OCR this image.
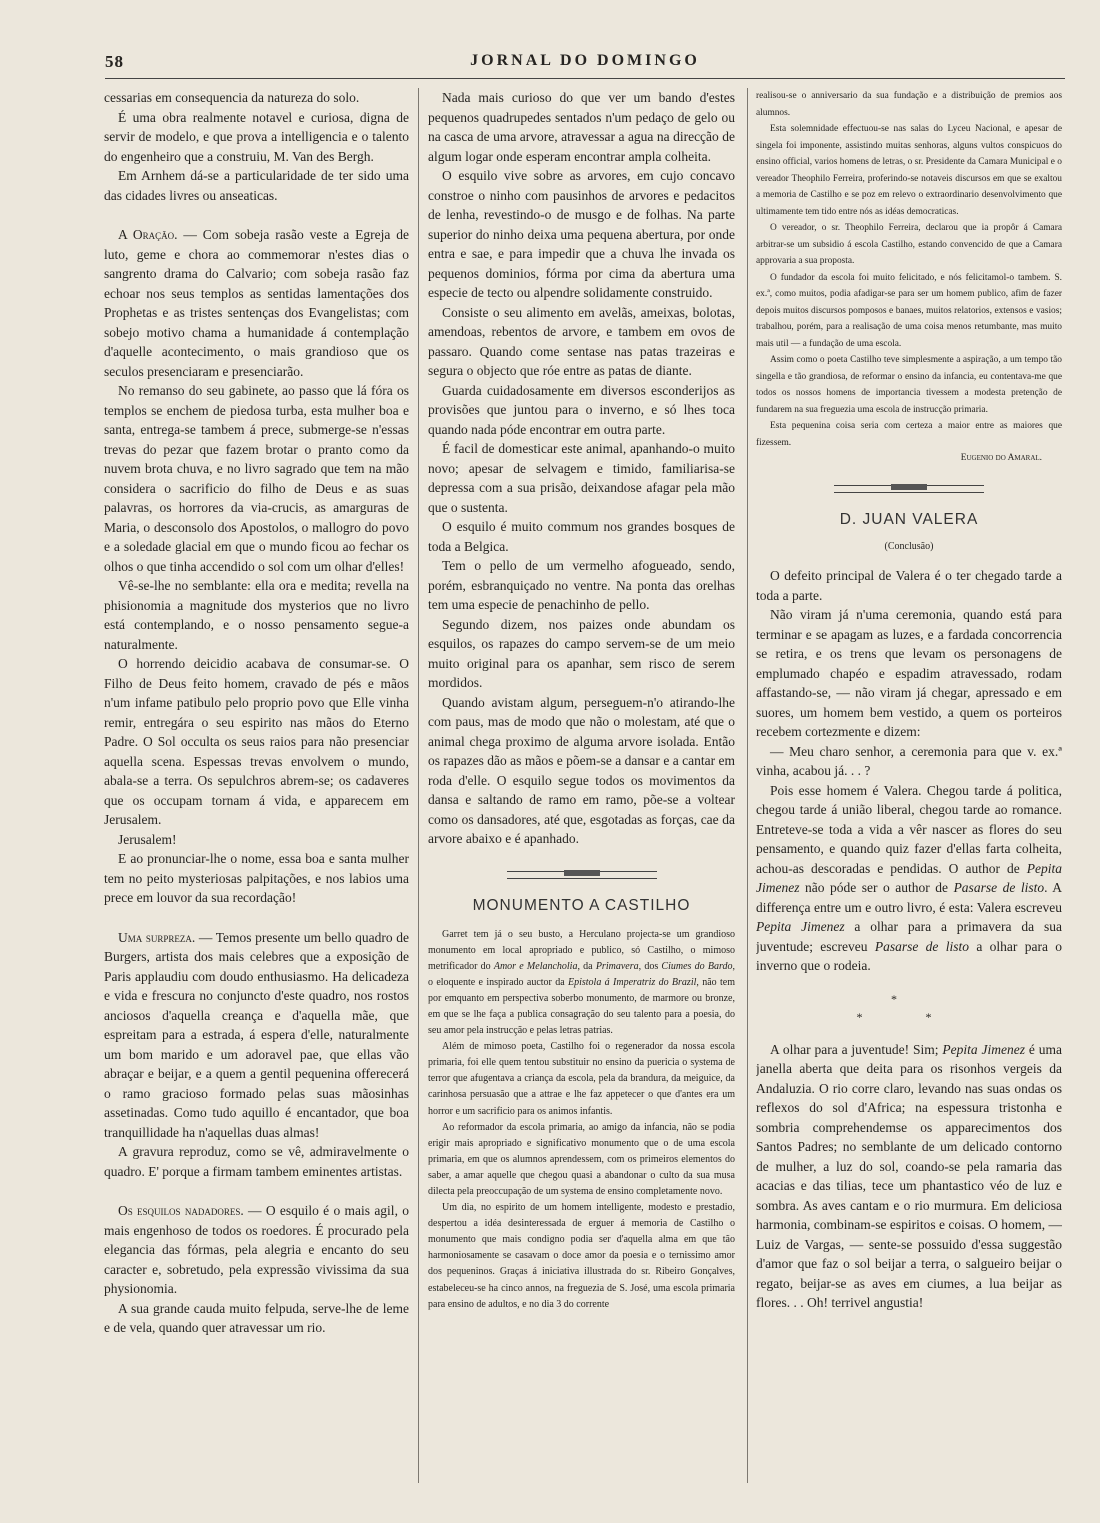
58	JORNAL DO DOMINGO

cessarias em consequencia da natureza do solo.

É uma obra realmente notavel e curiosa, digna de servir de modelo, e que prova a intelligencia e o talento do engenheiro que a construiu, M. Van des Bergh.

Em Arnhem dá-se a particularidade de ter sido uma das cidades livres ou anseaticas.

A Oração. — Com sobeja rasão veste a Egreja de luto, geme e chora ao commemorar n'estes dias o sangrento drama do Calvario; com sobeja rasão faz echoar nos seus templos as sentidas lamentações dos Prophetas e as tristes sentenças dos Evangelistas; com sobejo motivo chama a humanidade á contemplação d'aquelle acontecimento, o mais grandioso que os seculos presenciaram e presenciarão.

No remanso do seu gabinete, ao passo que lá fóra os templos se enchem de piedosa turba, esta mulher boa e santa, entrega-se tambem á prece, submerge-se n'essas trevas do pezar que fazem brotar o pranto como da nuvem brota chuva, e no livro sagrado que tem na mão considera o sacrificio do filho de Deus e as suas palavras, os horrores da via-crucis, as amarguras de Maria, o desconsolo dos Apostolos, o mallogro do povo e a soledade glacial em que o mundo ficou ao fechar os olhos o que tinha accendido o sol com um olhar d'elles!

Vê-se-lhe no semblante: ella ora e medita; revella na phisionomia a magnitude dos mysterios que no livro está contemplando, e o nosso pensamento segue-a naturalmente.

O horrendo deicidio acabava de consumar-se. O Filho de Deus feito homem, cravado de pés e mãos n'um infame patibulo pelo proprio povo que Elle vinha remir, entregára o seu espirito nas mãos do Eterno Padre. O Sol occulta os seus raios para não presenciar aquella scena. Espessas trevas envolvem o mundo, abala-se a terra. Os sepulchros abrem-se; os cadaveres que os occupam tornam á vida, e apparecem em Jerusalem.

Jerusalem!

E ao pronunciar-lhe o nome, essa boa e santa mulher tem no peito mysteriosas palpitações, e nos labios uma prece em louvor da sua recordação!

Uma surpreza. — Temos presente um bello quadro de Burgers, artista dos mais celebres que a exposição de Paris applaudiu com doudo enthusiasmo. Ha delicadeza e vida e frescura no conjuncto d'este quadro, nos rostos anciosos d'aquella creança e d'aquella mãe, que espreitam para a estrada, á espera d'elle, naturalmente um bom marido e um adoravel pae, que ellas vão abraçar e beijar, e a quem a gentil pequenina offerecerá o ramo gracioso formado pelas suas mãosinhas assetinadas. Como tudo aquillo é encantador, que boa tranquillidade ha n'aquellas duas almas!

A gravura reproduz, como se vê, admiravelmente o quadro. E' porque a firmam tambem eminentes artistas.

Os esquilos nadadores. — O esquilo é o mais agil, o mais engenhoso de todos os roedores. É procurado pela elegancia das fórmas, pela alegria e encanto do seu caracter e, sobretudo, pela expressão vivissima da sua physionomia.

A sua grande cauda muito felpuda, serve-lhe de leme e de vela, quando quer atravessar um rio.

Nada mais curioso do que ver um bando d'estes pequenos quadrupedes sentados n'um pedaço de gelo ou na casca de uma arvore, atravessar a agua na direcção de algum logar onde esperam encontrar ampla colheita.

O esquilo vive sobre as arvores, em cujo concavo constroe o ninho com pausinhos de arvores e pedacitos de lenha, revestindo-o de musgo e de folhas. Na parte superior do ninho deixa uma pequena abertura, por onde entra e sae, e para impedir que a chuva lhe invada os pequenos dominios, fórma por cima da abertura uma especie de tecto ou alpendre solidamente construido.

Consiste o seu alimento em avelãs, ameixas, bolotas, amendoas, rebentos de arvore, e tambem em ovos de passaro. Quando come sentase nas patas trazeiras e segura o objecto que róe entre as patas de diante.

Guarda cuidadosamente em diversos esconderijos as provisões que juntou para o inverno, e só lhes toca quando nada póde encontrar em outra parte.

É facil de domesticar este animal, apanhando-o muito novo; apesar de selvagem e timido, familiarisa-se depressa com a sua prisão, deixandose afagar pela mão que o sustenta.

O esquilo é muito commum nos grandes bosques de toda a Belgica.

Tem o pello de um vermelho afogueado, sendo, porém, esbranquiçado no ventre. Na ponta das orelhas tem uma especie de penachinho de pello.

Segundo dizem, nos paizes onde abundam os esquilos, os rapazes do campo servem-se de um meio muito original para os apanhar, sem risco de serem mordidos.

Quando avistam algum, perseguem-n'o atirando-lhe com paus, mas de modo que não o molestam, até que o animal chega proximo de alguma arvore isolada. Então os rapazes dão as mãos e põem-se a dansar e a cantar em roda d'elle. O esquilo segue todos os movimentos da dansa e saltando de ramo em ramo, põe-se a voltear como os dansadores, até que, esgotadas as forças, cae da arvore abaixo e é apanhado.

MONUMENTO A CASTILHO

Garret tem já o seu busto, a Herculano projecta-se um grandioso monumento em local apropriado e publico, só Castilho, o mimoso metrificador do Amor e Melancholia, da Primavera, dos Ciumes do Bardo, o eloquente e inspirado auctor da Epistola á Imperatriz do Brazil, não tem por emquanto em perspectiva soberbo monumento, de marmore ou bronze, em que se lhe faça a publica consagração do seu talento para a poesia, do seu amor pela instrucção e pelas letras patrias.

Além de mimoso poeta, Castilho foi o regenerador da nossa escola primaria, foi elle quem tentou substituir no ensino da puericia o systema de terror que afugentava a criança da escola, pela da brandura, da meiguice, da carinhosa persuasão que a attrae e lhe faz appetecer o que d'antes era um horror e um sacrificio para os animos infantis.

Ao reformador da escola primaria, ao amigo da infancia, não se podia erigir mais apropriado e significativo monumento que o de uma escola primaria, em que os alumnos aprendessem, com os primeiros elementos do saber, a amar aquelle que chegou quasi a abandonar o culto da sua musa dilecta pela preoccupação de um systema de ensino completamente novo.

Um dia, no espirito de um homem intelligente, modesto e prestadio, despertou a idéa desinteressada de erguer á memoria de Castilho o monumento que mais condigno podia ser d'aquella alma em que tão harmoniosamente se casavam o doce amor da poesia e o ternissimo amor dos pequeninos. Graças á iniciativa illustrada do sr. Ribeiro Gonçalves, estabeleceu-se ha cinco annos, na freguezia de S. José, uma escola primaria para ensino de adultos, e no dia 3 do corrente

realisou-se o anniversario da sua fundação e a distribuição de premios aos alumnos.

Esta solemnidade effectuou-se nas salas do Lyceu Nacional, e apesar de singela foi imponente, assistindo muitas senhoras, alguns vultos conspicuos do ensino official, varios homens de letras, o sr. Presidente da Camara Municipal e o vereador Theophilo Ferreira, proferindo-se notaveis discursos em que se exaltou a memoria de Castilho e se poz em relevo o extraordinario desenvolvimento que ultimamente tem tido entre nós as idéas democraticas.

O vereador, o sr. Theophilo Ferreira, declarou que ia propôr á Camara arbitrar-se um subsidio á escola Castilho, estando convencido de que a Camara approvaria a sua proposta.

O fundador da escola foi muito felicitado, e nós felicitamol-o tambem. S. ex.ª, como muitos, podia afadigar-se para ser um homem publico, afim de fazer depois muitos discursos pomposos e banaes, muitos relatorios, extensos e vasios; trabalhou, porém, para a realisação de uma coisa menos retumbante, mas muito mais util — a fundação de uma escola.

Assim como o poeta Castilho teve simplesmente a aspiração, a um tempo tão singella e tão grandiosa, de reformar o ensino da infancia, eu contentava-me que todos os nossos homens de importancia tivessem a modesta pretenção de fundarem na sua freguezia uma escola de instrucção primaria.

Esta pequenina coisa seria com certeza a maior entre as maiores que fizessem.

Eugenio do Amaral.
D. JUAN VALERA
(Conclusão)

O defeito principal de Valera é o ter chegado tarde a toda a parte.

Não viram já n'uma ceremonia, quando está para terminar e se apagam as luzes, e a fardada concorrencia se retira, e os trens que levam os personagens de emplumado chapéo e espadim atravessado, rodam affastando-se, — não viram já chegar, apressado e em suores, um homem bem vestido, a quem os porteiros recebem cortezmente e dizem:

— Meu charo senhor, a ceremonia para que v. ex.ª vinha, acabou já. . . ?

Pois esse homem é Valera. Chegou tarde á politica, chegou tarde á união liberal, chegou tarde ao romance. Entreteve-se toda a vida a vêr nascer as flores do seu pensamento, e quando quiz fazer d'ellas farta colheita, achou-as descoradas e pendidas. O author de Pepita Jimenez não póde ser o author de Pasarse de listo. A differença entre um e outro livro, é esta: Valera escreveu Pepita Jimenez a olhar para a primavera da sua juventude; escreveu Pasarse de listo a olhar para o inverno que o rodeia.

*
* *

A olhar para a juventude! Sim; Pepita Jimenez é uma janella aberta que deita para os risonhos vergeis da Andaluzia. O rio corre claro, levando nas suas ondas os reflexos do sol d'Africa; na espessura tristonha e sombria comprehendemse os apparecimentos dos Santos Padres; no semblante de um delicado contorno de mulher, a luz do sol, coando-se pela ramaria das acacias e das tilias, tece um phantastico véo de luz e sombra. As aves cantam e o rio murmura. Em deliciosa harmonia, combinam-se espiritos e coisas. O homem, — Luiz de Vargas, — sente-se possuido d'essa suggestão d'amor que faz o sol beijar a terra, o salgueiro beijar o regato, beijar-se as aves em ciumes, a lua beijar as flores. . . Oh! terrivel angustia!
